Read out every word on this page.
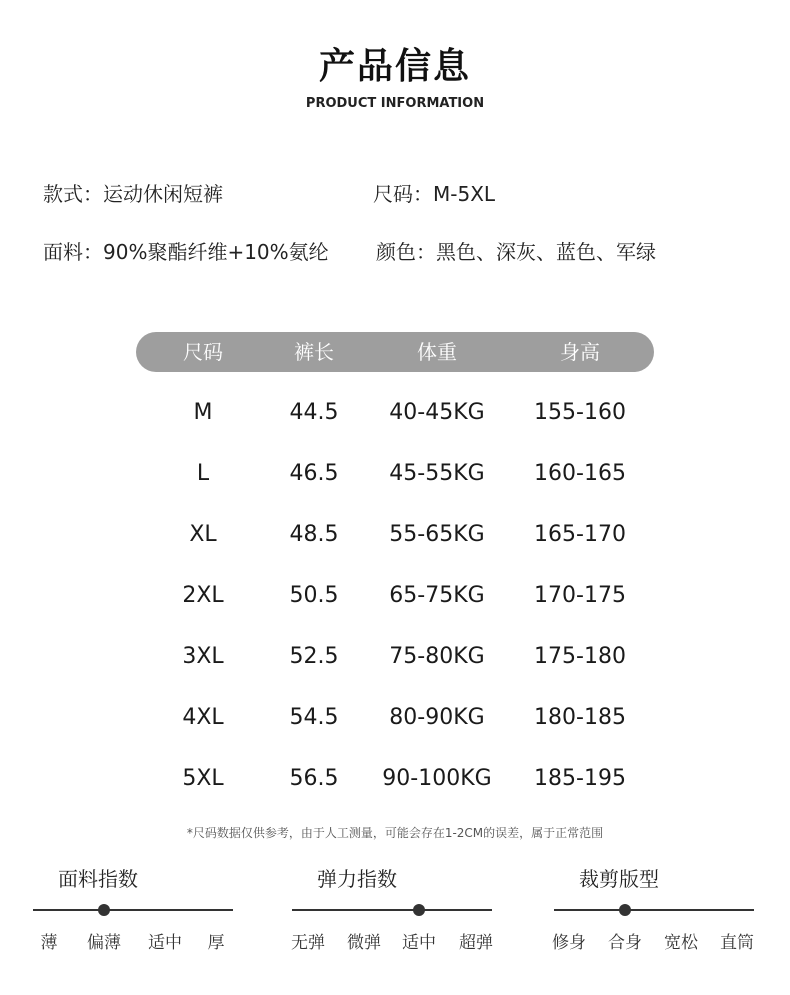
产品信息
PRODUCT INFORMATION
款式：运动休闲短裤	尺码：M-5XL
面料：90%聚酯纤维+10%氨纶 颜色：黑色、深灰、蓝色、军绿
尺码	裤长	体重	身高
M	44.5 40-45KG 155-160
L	46.5 45-55KG 160-165
XL	48.5 55-65KG 165-170
2XL	50.5 65-75KG 170-175
3XL	52.5 75-80KG 175-180
4XL	54.5 80-90KG 180-185
5XL	56.5 90-100KG 185-195
*尺码数据仅供参考，由于人工测量，可能会存在1-2CM的误差，属于正常范围
面料指数
薄 偏薄 适中 厚
弹力指数
无弹 微弹 适中 超弹
裁剪版型
修身 合身 宽松 直筒
